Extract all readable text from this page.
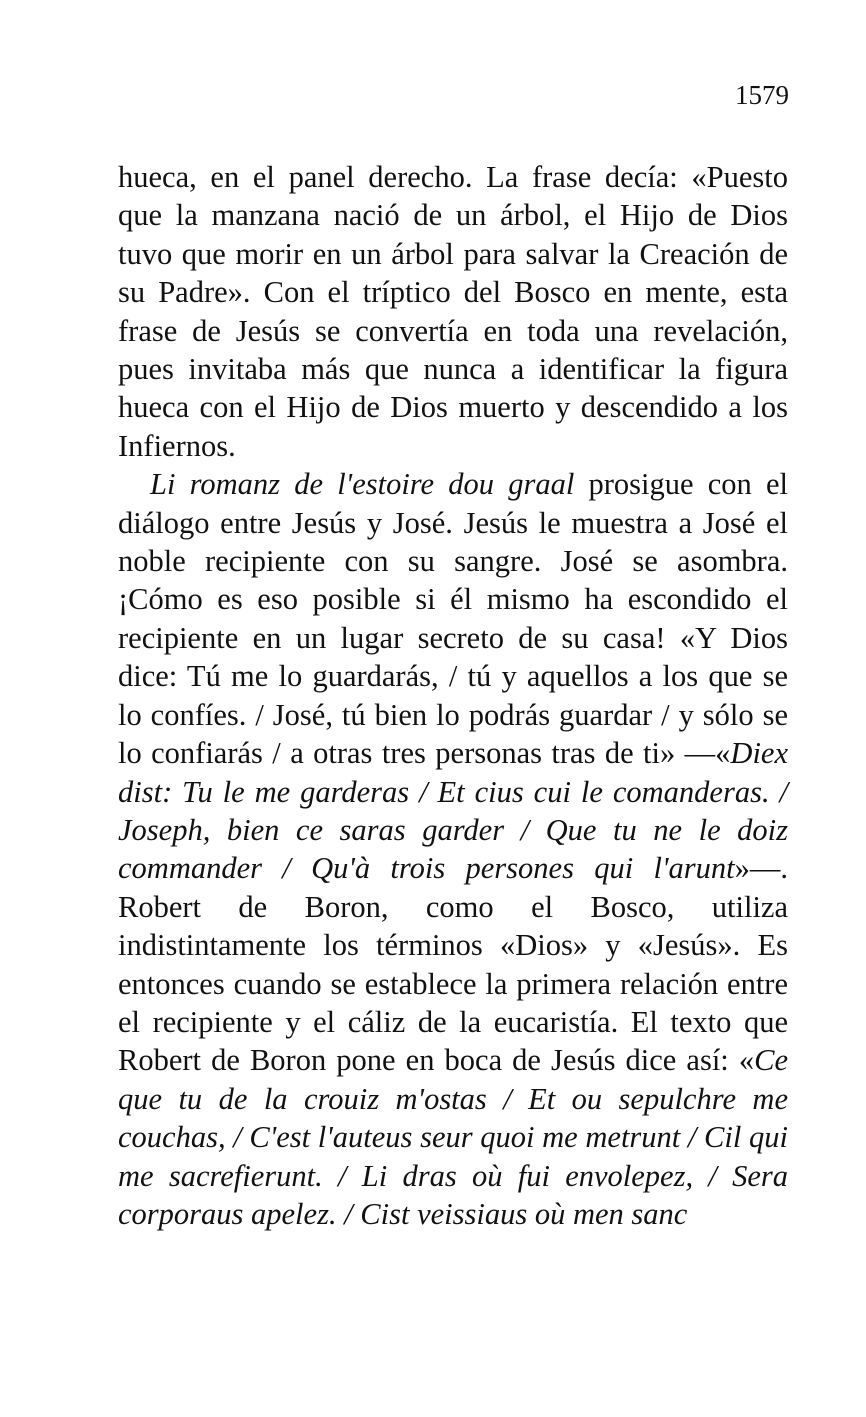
1579

hueca, en el panel derecho. La frase decía: «Puesto que la manzana nació de un árbol, el Hijo de Dios tuvo que morir en un árbol para salvar la Creación de su Padre». Con el tríptico del Bosco en mente, esta frase de Jesús se convertía en toda una revelación, pues invitaba más que nunca a identificar la figura hueca con el Hijo de Dios muerto y descendido a los Infiernos.

Li romanz de l'estoire dou graal prosigue con el diálogo entre Jesús y José. Jesús le muestra a José el noble recipiente con su sangre. José se asombra. ¡Cómo es eso posible si él mismo ha escondido el recipiente en un lugar secreto de su casa! «Y Dios dice: Tú me lo guardarás, / tú y aquellos a los que se lo confíes. / José, tú bien lo podrás guardar / y sólo se lo confiarás / a otras tres personas tras de ti» —«Diex dist: Tu le me garderas / Et cius cui le comanderas. / Joseph, bien ce saras garder / Que tu ne le doiz commander / Qu'à trois persones qui l'arunt»—. Robert de Boron, como el Bosco, utiliza indistintamente los términos «Dios» y «Jesús». Es entonces cuando se establece la primera relación entre el recipiente y el cáliz de la eucaristía. El texto que Robert de Boron pone en boca de Jesús dice así: «Ce que tu de la crouiz m'ostas / Et ou sepulchre me couchas, / C'est l'auteus seur quoi me metrunt / Cil qui me sacrefierunt. / Li dras où fui envolepez, / Sera corporaus apelez. / Cist veissiaus où men sanc
